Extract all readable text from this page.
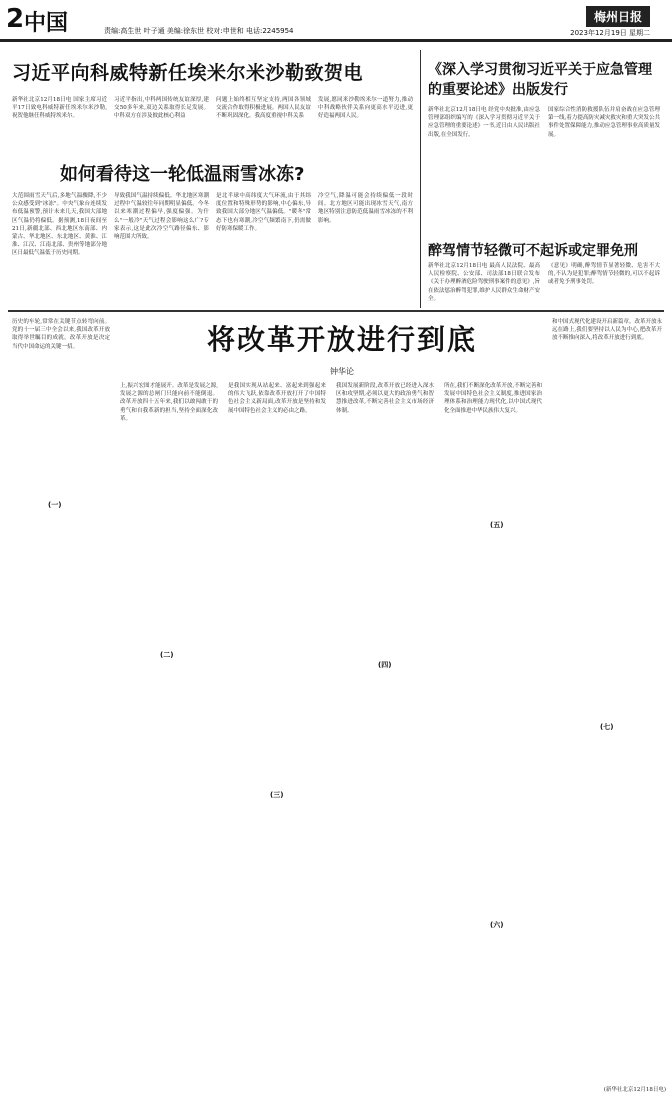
2 中国	责编:高生世 叶子通 美编:徐东世 校对:申世和 电话:2245954
梅州日报
2023年12月19日 星期二
习近平向科威特新任埃米尔米沙勒致贺电
新华社北京12月18日电 国家主席习近平17日致电科威特新任埃米尔米沙勒,祝贺他继任科威特埃米尔。
习近平指出,中科两国传统友谊深厚,建交50多年来,双边关系取得长足发展。中科双方在涉及彼此核心利益
问题上始终相互坚定支持,两国各领域交流合作取得积极进展。两国人民友谊不断巩固深化。我高度重视中科关系
发展,愿同米沙勒埃米尔一道努力,推动中科战略伙伴关系向更高水平迈进,更好造福两国人民。
如何看待这一轮低温雨雪冰冻?
大范围雨雪天气后,多地气温骤降,不少公众感受到"冰冻"。中央气象台连续发布低温预警,预计未来几天,我国大部地区气温仍将偏低。据预测,18日夜间至21日,新疆北部、西北地区东南部、内蒙古、华北地区、东北地区、黄淮、江淮、江汉、江南北部、贵州等地部分地区日最低气温低于历史同期。
导致我国气温持续偏低。华北地区寒潮过程中气温较往年同期明显偏低。今冬以来寒潮过程偏早,强度偏强。为什么"一般冷"天气过程会影响这么广?专家表示,这是此次冷空气路径偏东、影响范围大所致。
是北半球中高纬度大气环流,由于其纬度位置和特殊形势的影响,中心偏东,导致我国大部分地区气温偏低。"暖冬"常态下也有寒潮,冷空气频繁南下,仍需做好防寒保暖工作。
冷空气,降温可能会持续偏低一段时间。北方地区可能出现冰雪天气,南方地区特别注意防范低温雨雪冰冻的不利影响。
《深入学习贯彻习近平关于应急管理的重要论述》出版发行
新华社北京12月18日电 经党中央批准,由应急管理部组织编写的《深入学习贯彻习近平关于应急管理的重要论述》一书,近日由人民出版社出版,在全国发行。
国家综合性消防救援队伍并肩奋战在应急管理第一线,着力提高防灾减灾救灾和重大突发公共事件处置保障能力,推动应急管理事业高质量发展。
醉驾情节轻微可不起诉或定罪免刑
新华社北京12月18日电 最高人民法院、最高人民检察院、公安部、司法部18日联合发布《关于办理醉酒危险驾驶刑事案件的意见》,旨在依法惩治醉驾犯罪,维护人民群众生命财产安全。
《意见》明确,醉驾情节显著轻微、危害不大的,不认为是犯罪;醉驾情节轻微的,可以不起诉或者免予刑事处罚。
将改革开放进行到底
钟华论
历史的车轮,常常在关键节点转弯向前。党的十一届三中全会以来,我国改革开放取得举世瞩目的成就。改革开放是决定当代中国命运的关键一招。
上,振兴宏图才能展开。改革是发展之源,发展之源的总闸门只能向前不能倒退。改革开放四十五年来,我们以敢闯敢干的勇气和自我革新的担当,坚持全面深化改革。
是我国实现从站起来、富起来到强起来的伟大飞跃,依靠改革开放打开了中国特色社会主义新局面,改革开放是坚持和发展中国特色社会主义的必由之路。
我国发展新阶段,改革开放已经进入深水区和攻坚期,必须以更大的政治勇气和智慧推进改革,不断完善社会主义市场经济体制。
所在,我们不断深化改革开放,不断完善和发展中国特色社会主义制度,推进国家治理体系和治理能力现代化,以中国式现代化全面推进中华民族伟大复兴。
和中国式现代化建设开启新篇章。改革开放永远在路上,我们要坚持以人民为中心,把改革开放不断推向深入,将改革开放进行到底。
(一)
(二)
(三)
(四)
(五)
(六)
(七)
(新华社北京12月18日电)
